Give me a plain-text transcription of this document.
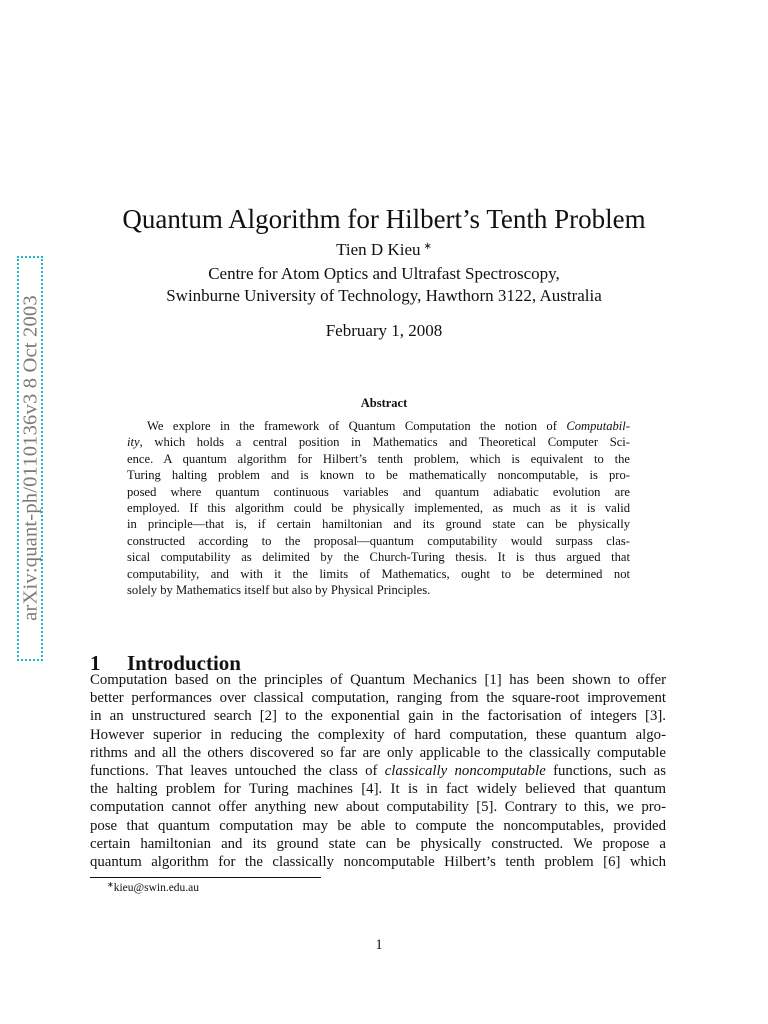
arXiv:quant-ph/0110136v3 8 Oct 2003
Quantum Algorithm for Hilbert’s Tenth Problem
Tien D Kieu ∗
Centre for Atom Optics and Ultrafast Spectroscopy,
Swinburne University of Technology, Hawthorn 3122, Australia
February 1, 2008
Abstract
We explore in the framework of Quantum Computation the notion of Computabil-
ity, which holds a central position in Mathematics and Theoretical Computer Sci-
ence. A quantum algorithm for Hilbert’s tenth problem, which is equivalent to the
Turing halting problem and is known to be mathematically noncomputable, is pro-
posed where quantum continuous variables and quantum adiabatic evolution are
employed. If this algorithm could be physically implemented, as much as it is valid
in principle—that is, if certain hamiltonian and its ground state can be physically
constructed according to the proposal—quantum computability would surpass clas-
sical computability as delimited by the Church-Turing thesis. It is thus argued that
computability, and with it the limits of Mathematics, ought to be determined not
solely by Mathematics itself but also by Physical Principles.
1 Introduction
Computation based on the principles of Quantum Mechanics [1] has been shown to offer
better performances over classical computation, ranging from the square-root improvement
in an unstructured search [2] to the exponential gain in the factorisation of integers [3].
However superior in reducing the complexity of hard computation, these quantum algo-
rithms and all the others discovered so far are only applicable to the classically computable
functions. That leaves untouched the class of classically noncomputable functions, such as
the halting problem for Turing machines [4]. It is in fact widely believed that quantum
computation cannot offer anything new about computability [5]. Contrary to this, we pro-
pose that quantum computation may be able to compute the noncomputables, provided
certain hamiltonian and its ground state can be physically constructed. We propose a
quantum algorithm for the classically noncomputable Hilbert’s tenth problem [6] which
∗kieu@swin.edu.au
1
